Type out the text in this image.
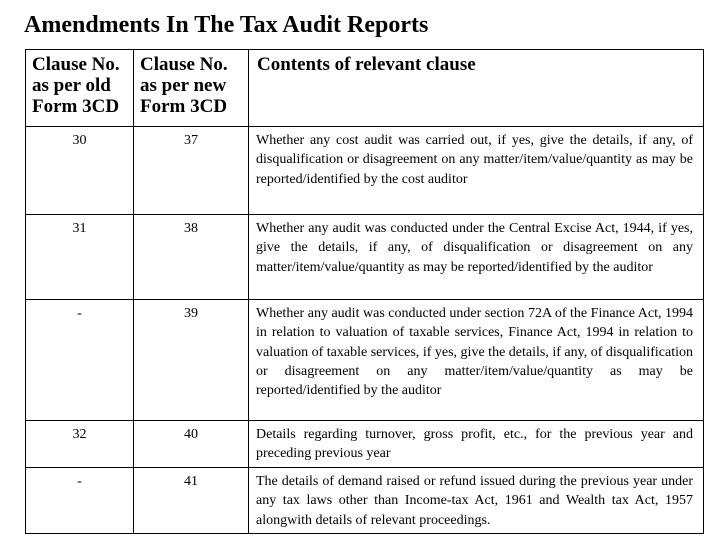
Amendments In The Tax Audit Reports
Clause No. as per old Form 3CD	Clause No. as per new Form 3CD	Contents of relevant clause
30	37	Whether any cost audit was carried out, if yes, give the details, if any, of disqualification or disagreement on any matter/item/value/quantity as may be reported/identified by the cost auditor
31	38	Whether any audit was conducted under the Central Excise Act, 1944, if yes, give the details, if any, of disqualification or disagreement on any matter/item/value/quantity as may be reported/identified by the auditor
-	39	Whether any audit was conducted under section 72A of the Finance Act, 1994 in relation to valuation of taxable services, Finance Act, 1994 in relation to valuation of taxable services, if yes, give the details, if any, of disqualification or disagreement on any matter/item/value/quantity as may be reported/identified by the auditor
32	40	Details regarding turnover, gross profit, etc., for the previous year and preceding previous year
-	41	The details of demand raised or refund issued during the previous year under any tax laws other than Income-tax Act, 1961 and Wealth tax Act, 1957 alongwith details of relevant proceedings.
